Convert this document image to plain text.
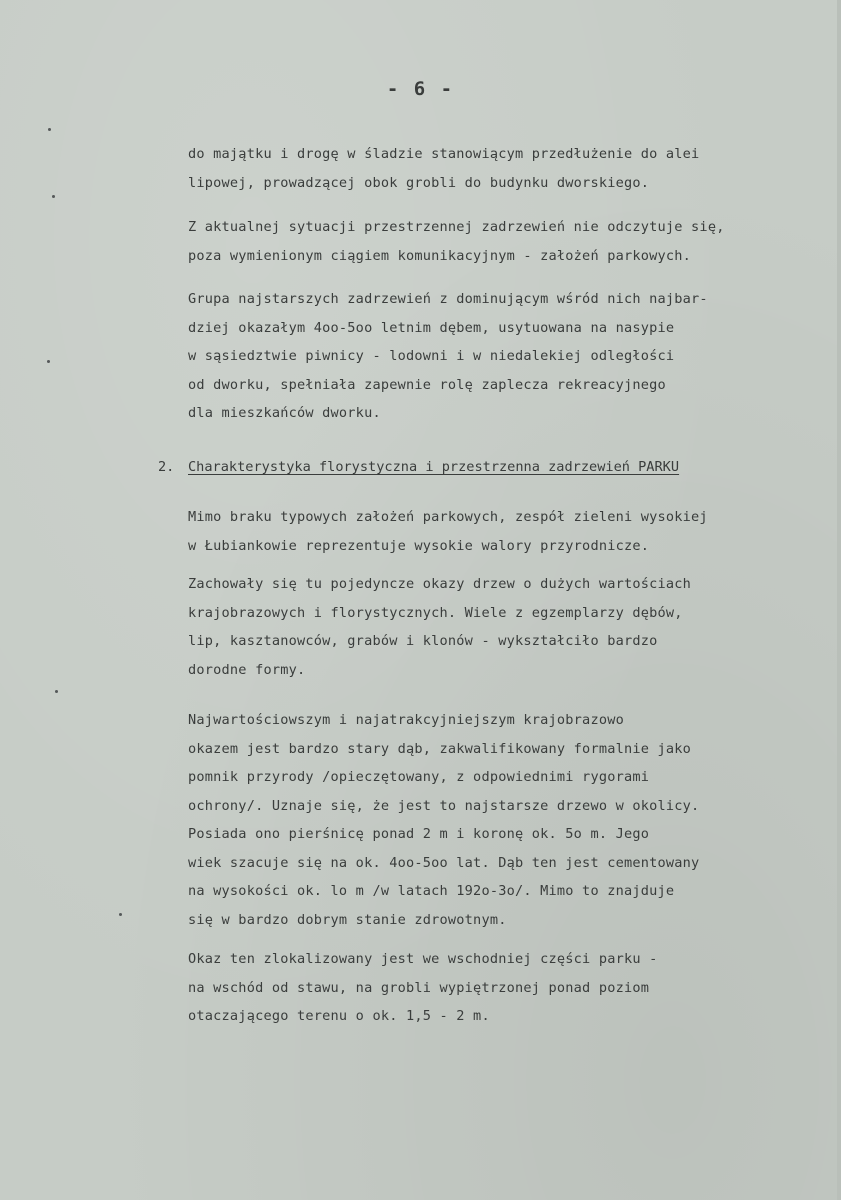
- 6 -

do majątku i drogę w śladzie stanowiącym przedłużenie do alei
lipowej, prowadzącej obok grobli do budynku dworskiego.

Z aktualnej sytuacji przestrzennej zadrzewień nie odczytuje się,
poza wymienionym ciągiem komunikacyjnym - założeń parkowych.

Grupa najstarszych zadrzewień z dominującym wśród nich najbar-
dziej okazałym 4oo-5oo letnim dębem, usytuowana na nasypie
w sąsiedztwie piwnicy - lodowni i w niedalekiej odległości
od dworku, spełniała zapewnie rolę zaplecza rekreacyjnego
dla mieszkańców dworku.

2. Charakterystyka florystyczna i przestrzenna zadrzewień PARKU

Mimo braku typowych założeń parkowych, zespół zieleni wysokiej
w Łubiankowie reprezentuje wysokie walory przyrodnicze.

Zachowały się tu pojedyncze okazy drzew o dużych wartościach
krajobrazowych i florystycznych. Wiele z egzemplarzy dębów,
lip, kasztanowców, grabów i klonów - wykształciło bardzo
dorodne formy.

Najwartościowszym i najatrakcyjniejszym krajobrazowo
okazem jest bardzo stary dąb, zakwalifikowany formalnie jako
pomnik przyrody /opieczętowany, z odpowiednimi rygorami
ochrony/. Uznaje się, że jest to najstarsze drzewo w okolicy.
Posiada ono pierśnicę ponad 2 m i koronę ok. 5o m. Jego
wiek szacuje się na ok. 4oo-5oo lat. Dąb ten jest cementowany
na wysokości ok. lo m /w latach 192o-3o/. Mimo to znajduje
się w bardzo dobrym stanie zdrowotnym.

Okaz ten zlokalizowany jest we wschodniej części parku -
na wschód od stawu, na grobli wypiętrzonej ponad poziom
otaczającego terenu o ok. 1,5 - 2 m.
